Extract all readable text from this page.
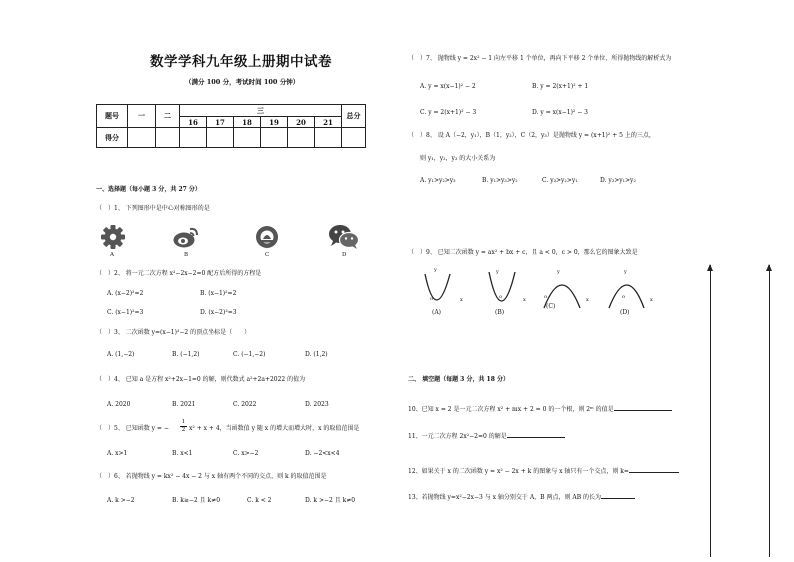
数学学科九年级上册期中试卷
（满分 100 分，考试时间 100 分钟）
题号	一	二	三						总分
			16	17	18	19	20	21	
得分									
一、选择题（每小题 3 分，共 27 分）
（　）1、 下列图形中是中心对称图形的是
A	B	C	D
（　）2、 将一元二次方程 x²−2x−2=0 配方后所得的方程是
A. (x−2)²=2	B. (x−1)²=2
C. (x−1)²=3	D. (x−2)²=3
（　）3、 二次函数 y=(x−1)²−2 的顶点坐标是（　　）
A. (1,−2)	B. (−1,2)	C. (−1,−2)	D. (1,2)
（　）4、 已知 a 是方程 x²+2x−1=0 的解，则代数式 a²+2a+2022 的值为
A. 2020	B. 2021	C. 2022	D. 2023
（　）5、 已知函数 y = − $\frac{1}{2} x^2 + x + 4$，当函数值 y 随 x 的增大而增大时，x 的取值范围是
A. x>1	B. x<1	C. x>−2	D. −2<x<4
（　）6、 若抛物线 y = kx² − 4x − 2 与 x 轴有两个不同的交点，则 k 的取值范围是
A. k >−2	B. k≥−2 且 k≠0	C. k < 2	D. k >−2 且 k≠0
（　）7、 抛物线 y = 2x² − 1 向左平移 1 个单位，再向下平移 2 个单位，所得抛物线的解析式为
A. y = x(x−1)² − 2	B. y = 2(x+1)² + 1
C. y = 2(x+1)² − 3	D. y = x(x−1)² − 3
（　）8、 设 A（−2，y₁），B（1，y₂），C（2，y₃）是抛物线 y = (x+1)² + 5 上的三点，
则 y₁，y₂，y₃ 的大小关系为
A. y₁>y₂>y₃	B. y₁>y₃>y₂	C. y₃>y₂>y₁	D. y₃>y₁>y₂
（　）9、 已知二次函数 y = ax² + bx + c，且 a < 0，c > 0，那么它的图象大致是
y
o	x
(A)
y
o	x
(B)
y
o	x
(C)
y
o	x
(D)
二、 填空题（每题 3 分，共 18 分）
10、已知 x = 2 是一元二次方程 x² + mx + 2 = 0 的一个根，则 2ᵐ 的值是
11、一元二次方程 2x²−2=0 的解是
12、如果关于 x 的二次函数 y = x² − 2x + k 的图象与 x 轴只有一个交点，则 k=
13、若抛物线 y=x²−2x−3 与 x 轴分别交于 A，B 两点，则 AB 的长为
